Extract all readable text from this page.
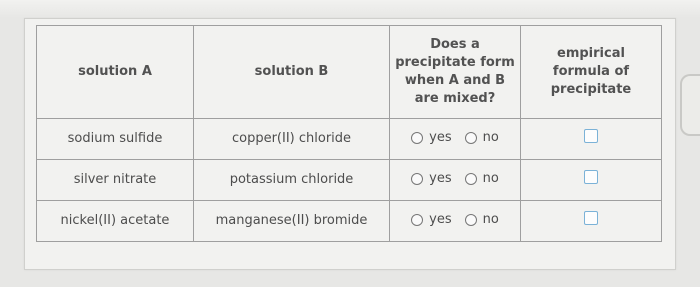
solution A	solution B	Does a
precipitate form
when A and B
are mixed?	empirical
formula of
precipitate
sodium sulfide	copper(II) chloride	yes no	

silver nitrate	potassium chloride	yes no	

nickel(II) acetate	manganese(II) bromide	yes no	
